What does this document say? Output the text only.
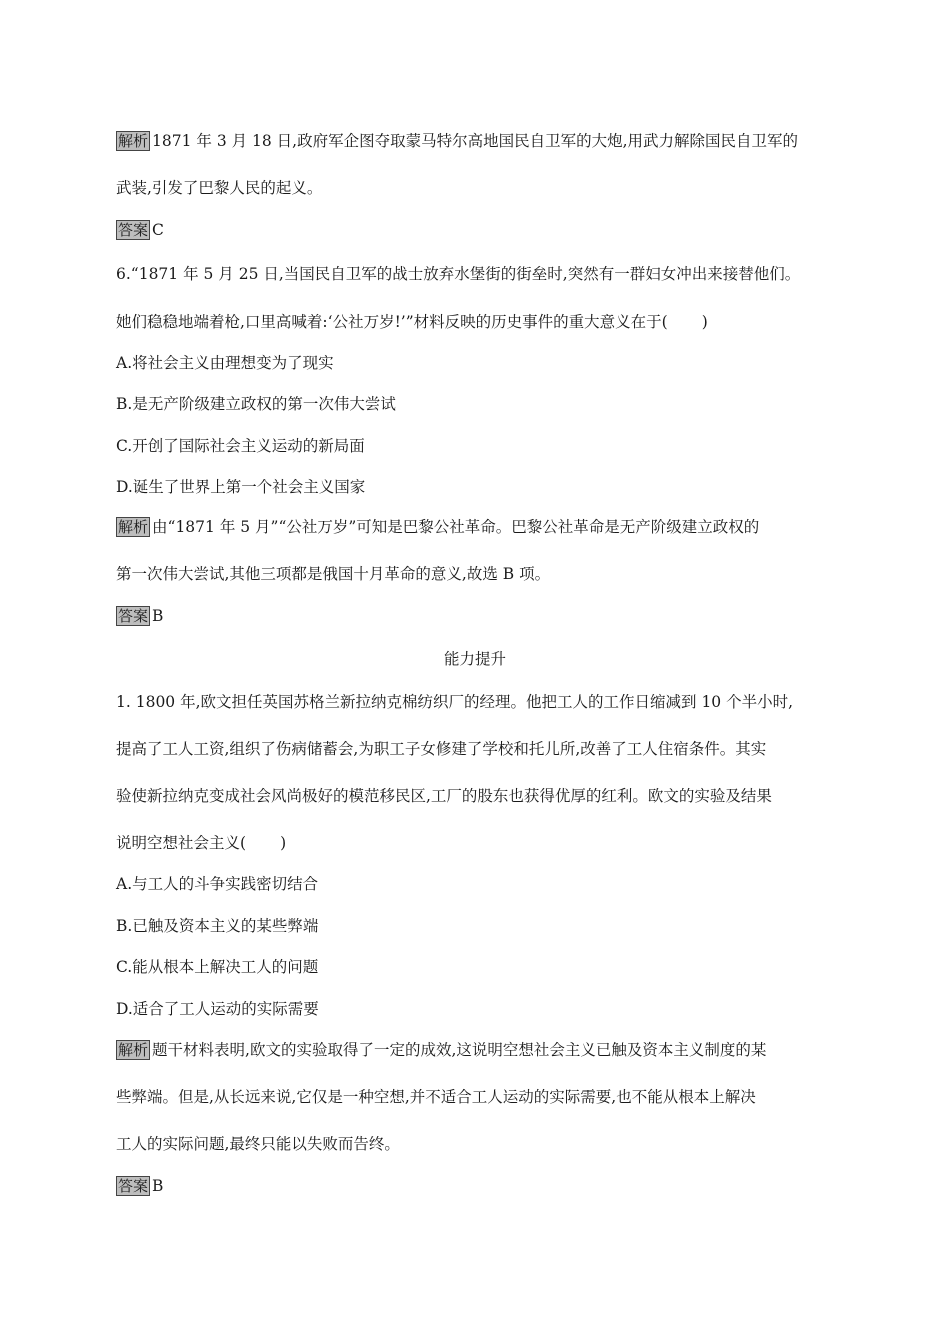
解析 1871 年 3 月 18 日,政府军企图夺取蒙马特尔高地国民自卫军的大炮,用武力解除国民自卫军的
武装,引发了巴黎人民的起义。
答案 C
6.“1871 年 5 月 25 日,当国民自卫军的战士放弃水堡街的街垒时,突然有一群妇女冲出来接替他们。
她们稳稳地端着枪,口里高喊着:‘公社万岁!’”材料反映的历史事件的重大意义在于( )
A.将社会主义由理想变为了现实
B.是无产阶级建立政权的第一次伟大尝试
C.开创了国际社会主义运动的新局面
D.诞生了世界上第一个社会主义国家
解析 由“1871 年 5 月”“公社万岁”可知是巴黎公社革命。巴黎公社革命是无产阶级建立政权的
第一次伟大尝试,其他三项都是俄国十月革命的意义,故选 B 项。
答案 B
能力提升
1. 1800 年,欧文担任英国苏格兰新拉纳克棉纺织厂的经理。他把工人的工作日缩减到 10 个半小时,
提高了工人工资,组织了伤病储蓄会,为职工子女修建了学校和托儿所,改善了工人住宿条件。其实
验使新拉纳克变成社会风尚极好的模范移民区,工厂的股东也获得优厚的红利。欧文的实验及结果
说明空想社会主义( )
A.与工人的斗争实践密切结合
B.已触及资本主义的某些弊端
C.能从根本上解决工人的问题
D.适合了工人运动的实际需要
解析 题干材料表明,欧文的实验取得了一定的成效,这说明空想社会主义已触及资本主义制度的某
些弊端。但是,从长远来说,它仅是一种空想,并不适合工人运动的实际需要,也不能从根本上解决
工人的实际问题,最终只能以失败而告终。
答案 B
